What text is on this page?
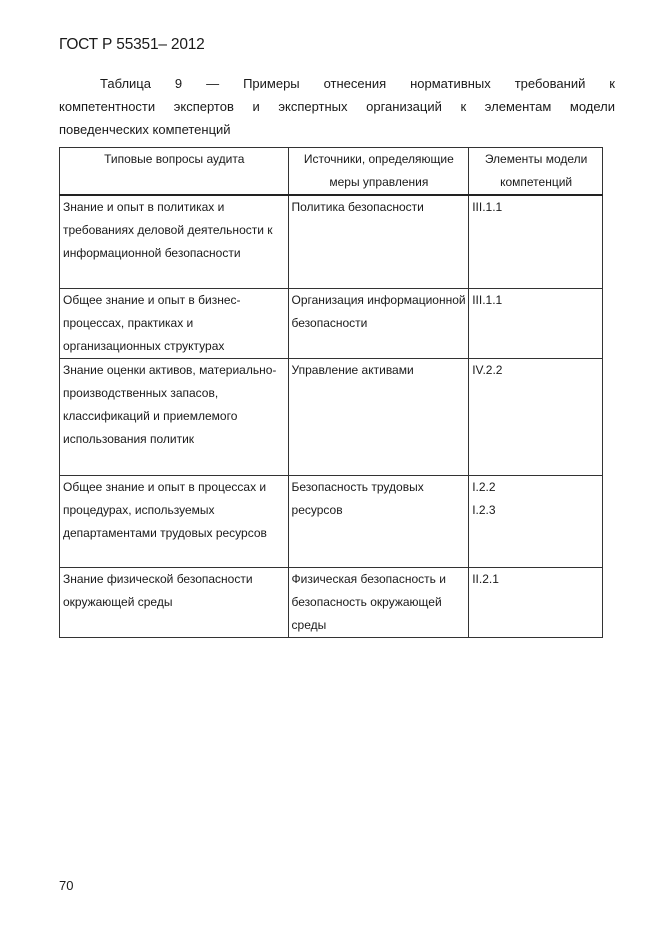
ГОСТ Р 55351– 2012
Таблица 9 — Примеры отнесения нормативных требований к
компетентности экспертов и экспертных организаций к элементам модели
поведенческих компетенций
Типовые вопросы аудита	Источники, определяющие меры управления	Элементы модели компетенций
Знание и опыт в политиках и требованиях деловой деятельности к информационной безопасности	Политика безопасности	III.1.1

Общее знание и опыт в бизнес-процессах, практиках и организационных структурах	Организация информационной безопасности	III.1.1

Знание оценки активов, материально-производственных запасов, классификаций и приемлемого использования политик	Управление активами	IV.2.2

Общее знание и опыт в процессах и процедурах, используемых департаментами трудовых ресурсов	Безопасность трудовых ресурсов	I.2.2
I.2.3

Знание физической безопасности окружающей среды	Физическая безопасность и безопасность окружающей среды	II.2.1
70
